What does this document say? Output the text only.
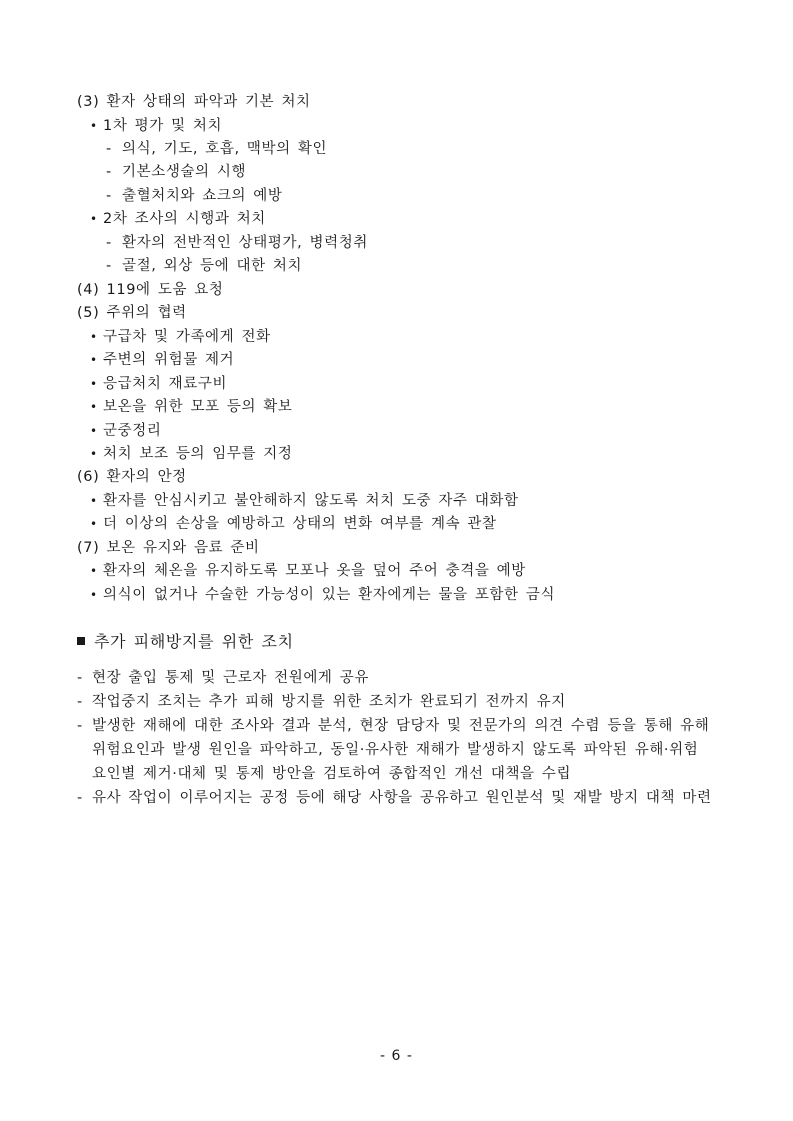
(3) 환자 상태의 파악과 기본 처치
• 1차 평가 및 처치
- 의식, 기도, 호흡, 맥박의 확인
- 기본소생술의 시행
- 출혈처치와 쇼크의 예방
• 2차 조사의 시행과 처치
- 환자의 전반적인 상태평가, 병력청취
- 골절, 외상 등에 대한 처치
(4) 119에 도움 요청
(5) 주위의 협력
• 구급차 및 가족에게 전화
• 주변의 위험물 제거
• 응급처치 재료구비
• 보온을 위한 모포 등의 확보
• 군중정리
• 처치 보조 등의 임무를 지정
(6) 환자의 안정
• 환자를 안심시키고 불안해하지 않도록 처치 도중 자주 대화함
• 더 이상의 손상을 예방하고 상태의 변화 여부를 계속 관찰
(7) 보온 유지와 음료 준비
• 환자의 체온을 유지하도록 모포나 옷을 덮어 주어 충격을 예방
• 의식이 없거나 수술한 가능성이 있는 환자에게는 물을 포함한 금식
추가 피해방지를 위한 조치
- 현장 출입 통제 및 근로자 전원에게 공유
- 작업중지 조치는 추가 피해 방지를 위한 조치가 완료되기 전까지 유지
- 발생한 재해에 대한 조사와 결과 분석, 현장 담당자 및 전문가의 의견 수렴 등을 통해 유해
위험요인과 발생 원인을 파악하고, 동일·유사한 재해가 발생하지 않도록 파악된 유해·위험
요인별 제거·대체 및 통제 방안을 검토하여 종합적인 개선 대책을 수립
- 유사 작업이 이루어지는 공정 등에 해당 사항을 공유하고 원인분석 및 재발 방지 대책 마련
- 6 -
